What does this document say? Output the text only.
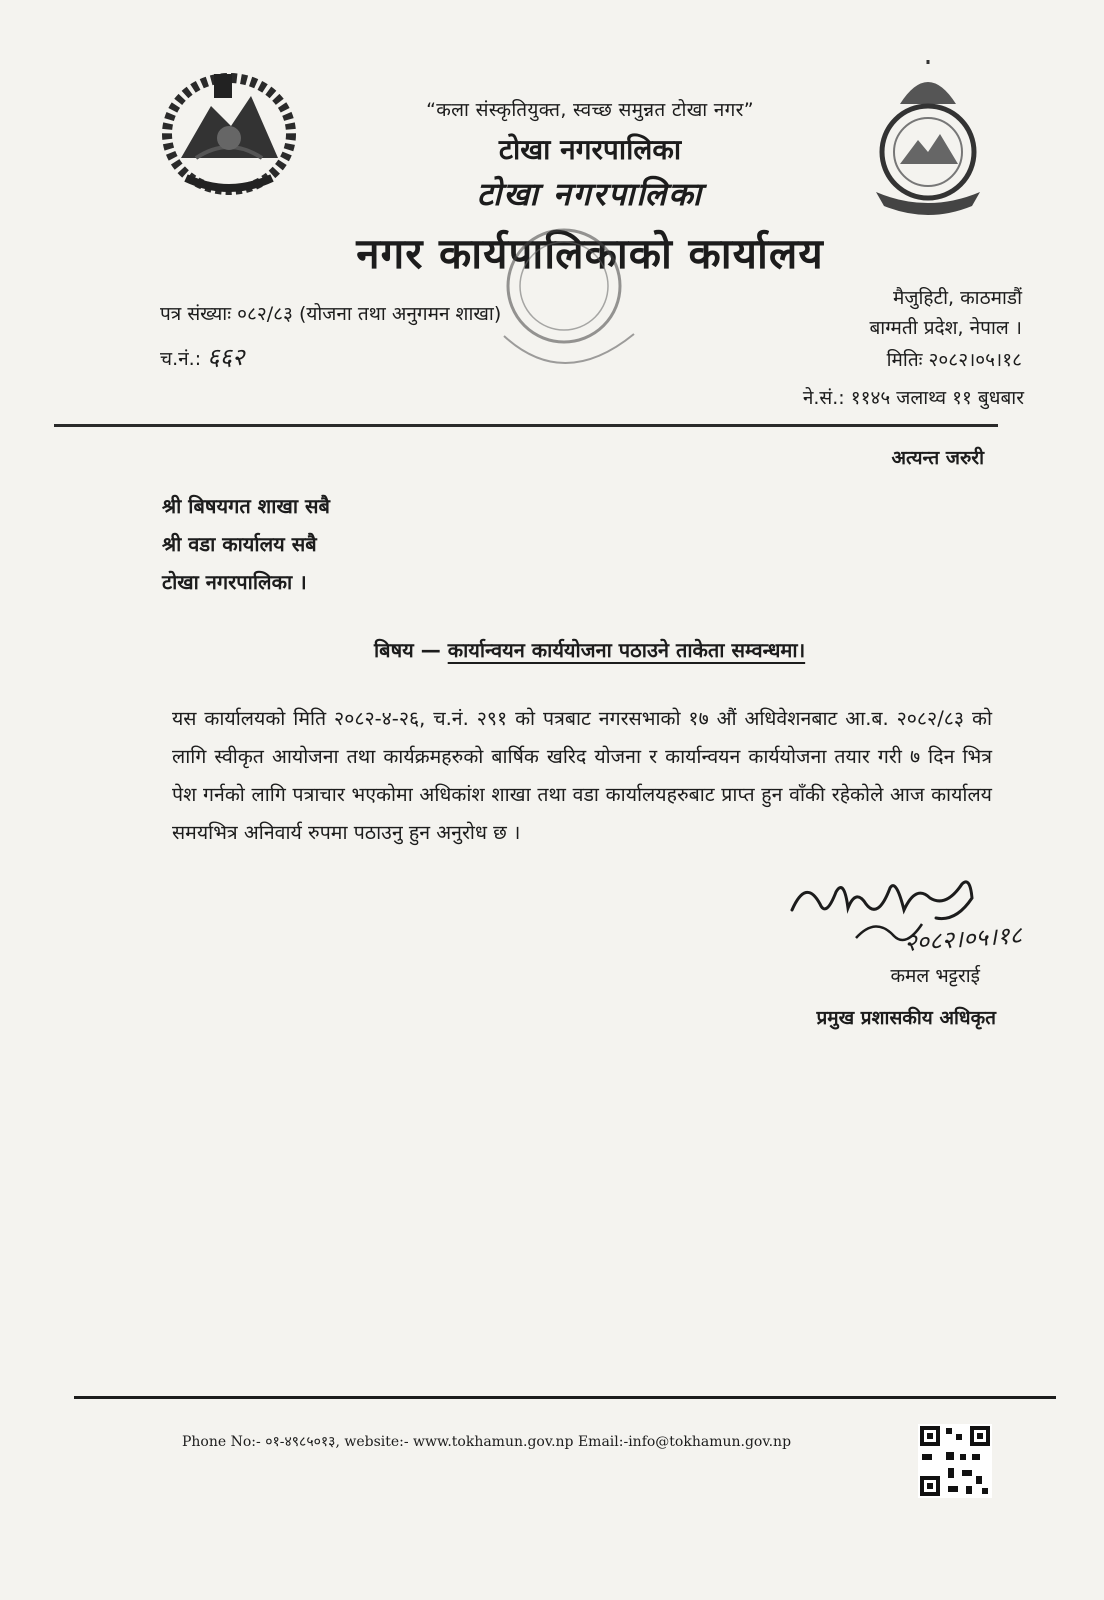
“कला संस्कृतियुक्त, स्वच्छ समुन्नत टोखा नगर”
टोखा नगरपालिका
टोखा नगरपालिका
नगर कार्यपालिकाको कार्यालय
पत्र संख्याः ०८२/८३ (योजना तथा अनुगमन शाखा)
च.नं.: ६६२
मैजुहिटी, काठमाडौं
बाग्मती प्रदेश, नेपाल ।
मितिः २०८२।०५।१८
ने.सं.: ११४५ जलाथ्व ११ बुधबार
अत्यन्त जरुरी
श्री बिषयगत शाखा सबै
श्री वडा कार्यालय सबै
टोखा नगरपालिका ।
बिषय — कार्यान्वयन कार्ययोजना पठाउने ताकेता सम्वन्धमा।
यस कार्यालयको मिति २०८२-४-२६, च.नं. २९१ को पत्रबाट नगरसभाको १७ औं अधिवेशनबाट आ.ब. २०८२/८३ को लागि स्वीकृत आयोजना तथा कार्यक्रमहरुको बार्षिक खरिद योजना र कार्यान्वयन कार्ययोजना तयार गरी ७ दिन भित्र पेश गर्नको लागि पत्राचार भएकोमा अधिकांश शाखा तथा वडा कार्यालयहरुबाट प्राप्त हुन वाँकी रहेकोले आज कार्यालय समयभित्र अनिवार्य रुपमा पठाउनु हुन अनुरोध छ ।
२०८२।०५।१८
कमल भट्टराई
प्रमुख प्रशासकीय अधिकृत
Phone No:- ०१-४९८५०१३, website:- www.tokhamun.gov.np Email:-info@tokhamun.gov.np
